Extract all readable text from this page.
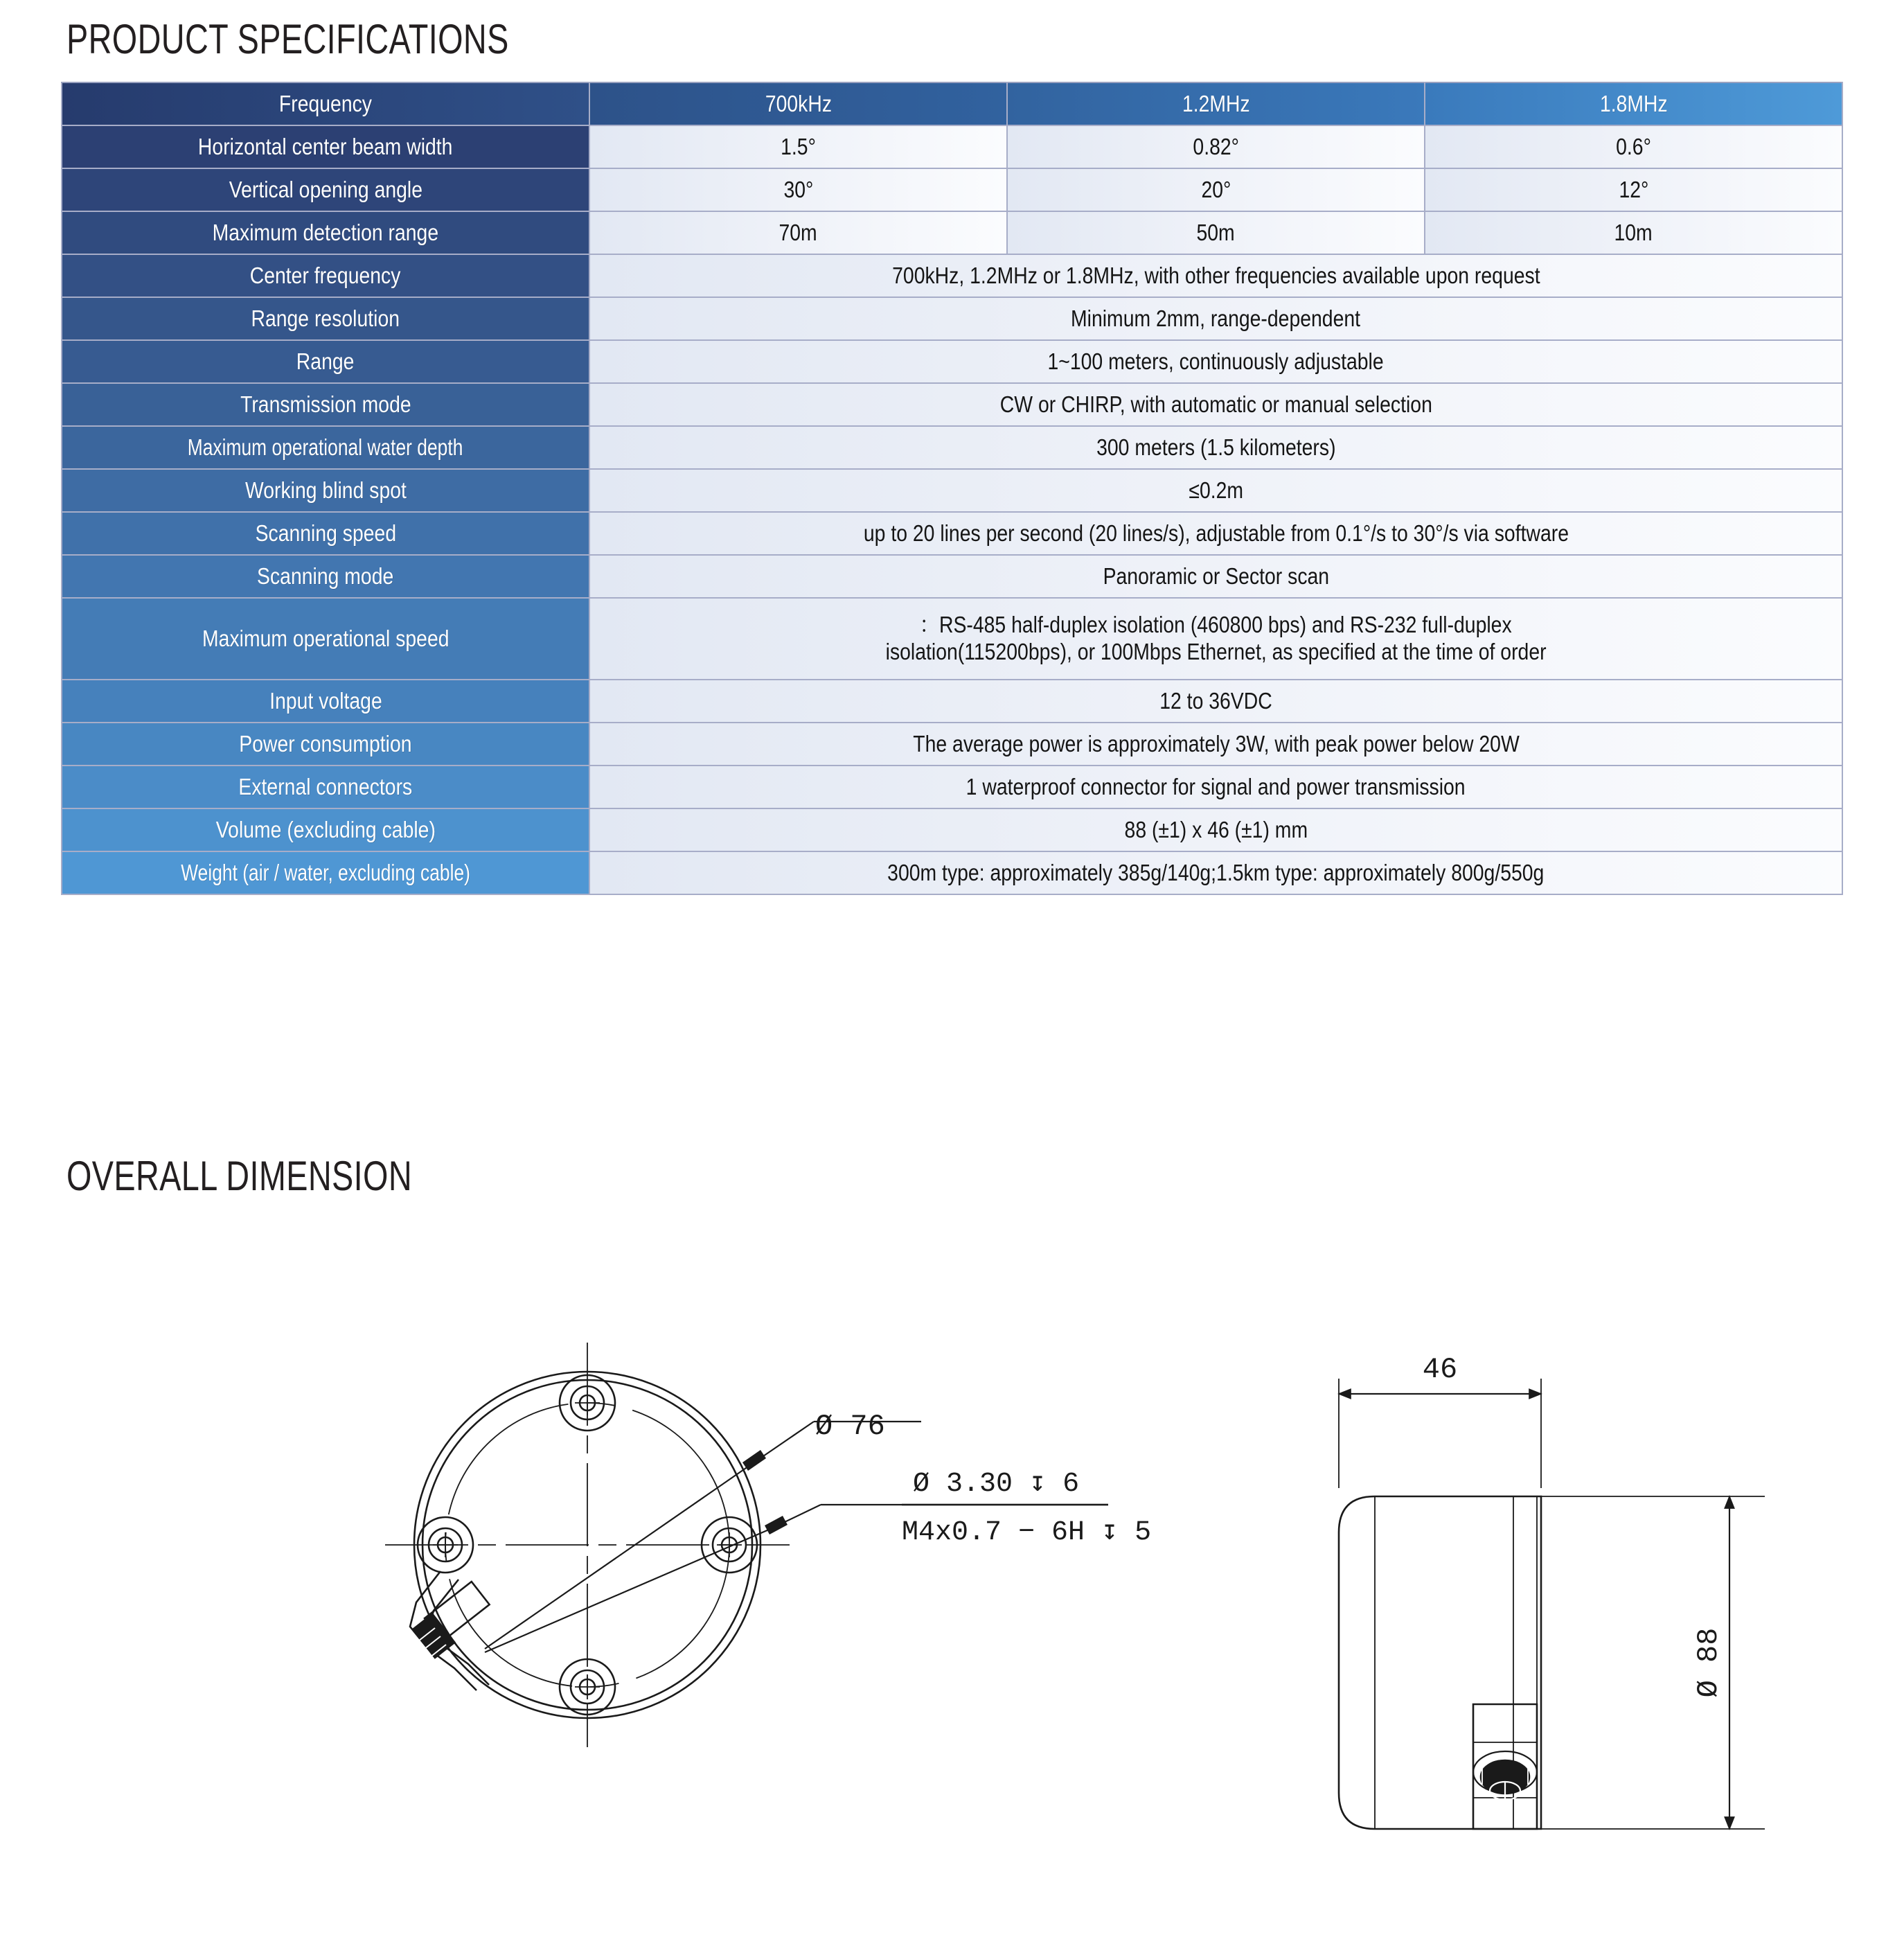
PRODUCT SPECIFICATIONS
Frequency	700kHz	1.2MHz	1.8MHz
Horizontal center beam width	1.5°	0.82°	0.6°
Vertical opening angle	30°	20°	12°
Maximum detection range	70m	50m	10m
Center frequency	700kHz, 1.2MHz or 1.8MHz, with other frequencies available upon request		
Range resolution	Minimum 2mm, range-dependent		
Range	1~100 meters, continuously adjustable		
Transmission mode	CW or CHIRP, with automatic or manual selection		
Maximum operational water depth	300 meters (1.5 kilometers)		
Working blind spot	≤0.2m		
Scanning speed	up to 20 lines per second (20 lines/s), adjustable from 0.1°/s to 30°/s via software		
Scanning mode	Panoramic or Sector scan		
Maximum operational speed	：RS-485 half-duplex isolation (460800 bps) and RS-232 full-duplex
isolation(115200bps), or 100Mbps Ethernet, as specified at the time of order		

Input voltage	12 to 36VDC		
Power consumption	The average power is approximately 3W, with peak power below 20W		
External connectors	1 waterproof connector for signal and power transmission		
Volume (excluding cable)	88 (±1) x 46 (±1) mm		
Weight (air / water, excluding cable)	300m type: approximately 385g/140g;1.5km type: approximately 800g/550g		
OVERALL DIMENSION
Ø 76
Ø 3.30 ↧ 6
M4x0.7 − 6H ↧ 5
46
Ø 88
